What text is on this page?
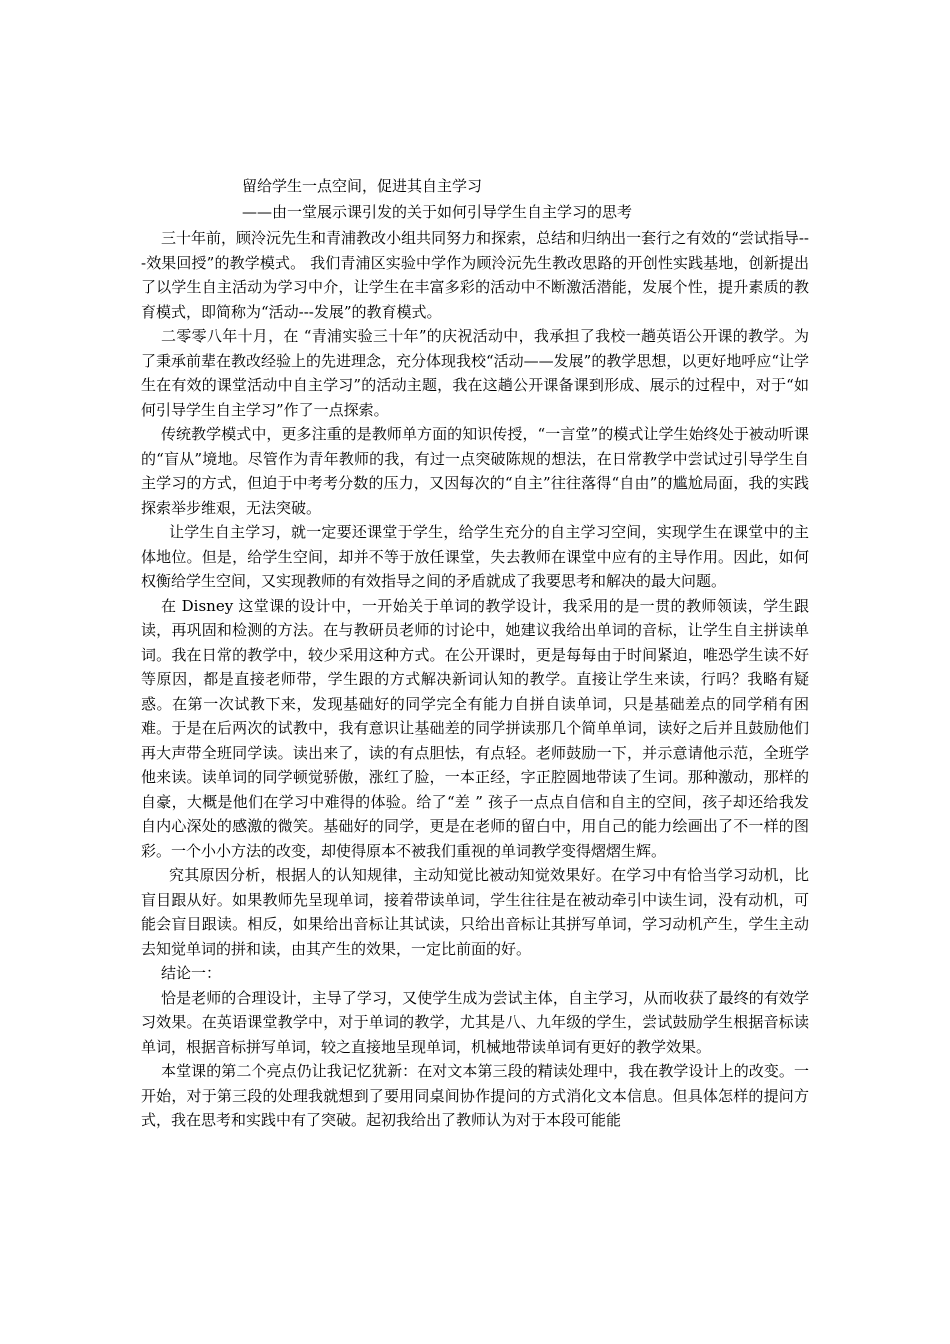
留给学生一点空间，促进其自主学习
——由一堂展示课引发的关于如何引导学生自主学习的思考

三十年前，顾泠沅先生和青浦教改小组共同努力和探索，总结和归纳出一套行之有效的“尝试指导---效果回授”的教学模式。 我们青浦区实验中学作为顾泠沅先生教改思路的开创性实践基地，创新提出了以学生自主活动为学习中介，让学生在丰富多彩的活动中不断激活潜能，发展个性，提升素质的教育模式，即简称为“活动---发展”的教育模式。

二零零八年十月，在 “青浦实验三十年”的庆祝活动中，我承担了我校一趟英语公开课的教学。为了秉承前辈在教改经验上的先进理念，充分体现我校“活动——发展”的教学思想，以更好地呼应“让学生在有效的课堂活动中自主学习”的活动主题，我在这趟公开课备课到形成、展示的过程中，对于“如何引导学生自主学习”作了一点探索。

传统教学模式中，更多注重的是教师单方面的知识传授，“一言堂”的模式让学生始终处于被动听课的“盲从”境地。尽管作为青年教师的我，有过一点突破陈规的想法，在日常教学中尝试过引导学生自主学习的方式，但迫于中考考分数的压力，又因每次的“自主”往往落得“自由”的尴尬局面，我的实践探索举步维艰，无法突破。

让学生自主学习，就一定要还课堂于学生，给学生充分的自主学习空间，实现学生在课堂中的主体地位。但是，给学生空间，却并不等于放任课堂，失去教师在课堂中应有的主导作用。因此，如何权衡给学生空间，又实现教师的有效指导之间的矛盾就成了我要思考和解决的最大问题。

在 Disney 这堂课的设计中，一开始关于单词的教学设计，我采用的是一贯的教师领读，学生跟读，再巩固和检测的方法。在与教研员老师的讨论中，她建议我给出单词的音标，让学生自主拼读单词。我在日常的教学中，较少采用这种方式。在公开课时，更是每每由于时间紧迫，唯恐学生读不好等原因，都是直接老师带，学生跟的方式解决新词认知的教学。直接让学生来读，行吗？我略有疑惑。在第一次试教下来，发现基础好的同学完全有能力自拼自读单词，只是基础差点的同学稍有困难。于是在后两次的试教中，我有意识让基础差的同学拼读那几个简单单词，读好之后并且鼓励他们再大声带全班同学读。读出来了，读的有点胆怯，有点轻。老师鼓励一下，并示意请他示范，全班学他来读。读单词的同学顿觉骄傲，涨红了脸，一本正经，字正腔圆地带读了生词。那种激动，那样的自豪，大概是他们在学习中难得的体验。给了“差 ” 孩子一点点自信和自主的空间，孩子却还给我发自内心深处的感激的微笑。基础好的同学，更是在老师的留白中，用自己的能力绘画出了不一样的图彩。一个小小方法的改变，却使得原本不被我们重视的单词教学变得熠熠生辉。

究其原因分析，根据人的认知规律，主动知觉比被动知觉效果好。在学习中有恰当学习动机，比盲目跟从好。如果教师先呈现单词，接着带读单词，学生往往是在被动牵引中读生词，没有动机，可能会盲目跟读。相反，如果给出音标让其试读，只给出音标让其拼写单词，学习动机产生，学生主动去知觉单词的拼和读，由其产生的效果，一定比前面的好。

结论一：

恰是老师的合理设计，主导了学习，又使学生成为尝试主体，自主学习，从而收获了最终的有效学习效果。在英语课堂教学中，对于单词的教学，尤其是八、九年级的学生，尝试鼓励学生根据音标读单词，根据音标拼写单词，较之直接地呈现单词，机械地带读单词有更好的教学效果。

本堂课的第二个亮点仍让我记忆犹新：在对文本第三段的精读处理中，我在教学设计上的改变。一开始，对于第三段的处理我就想到了要用同桌间协作提问的方式消化文本信息。但具体怎样的提问方式，我在思考和实践中有了突破。起初我给出了教师认为对于本段可能能
